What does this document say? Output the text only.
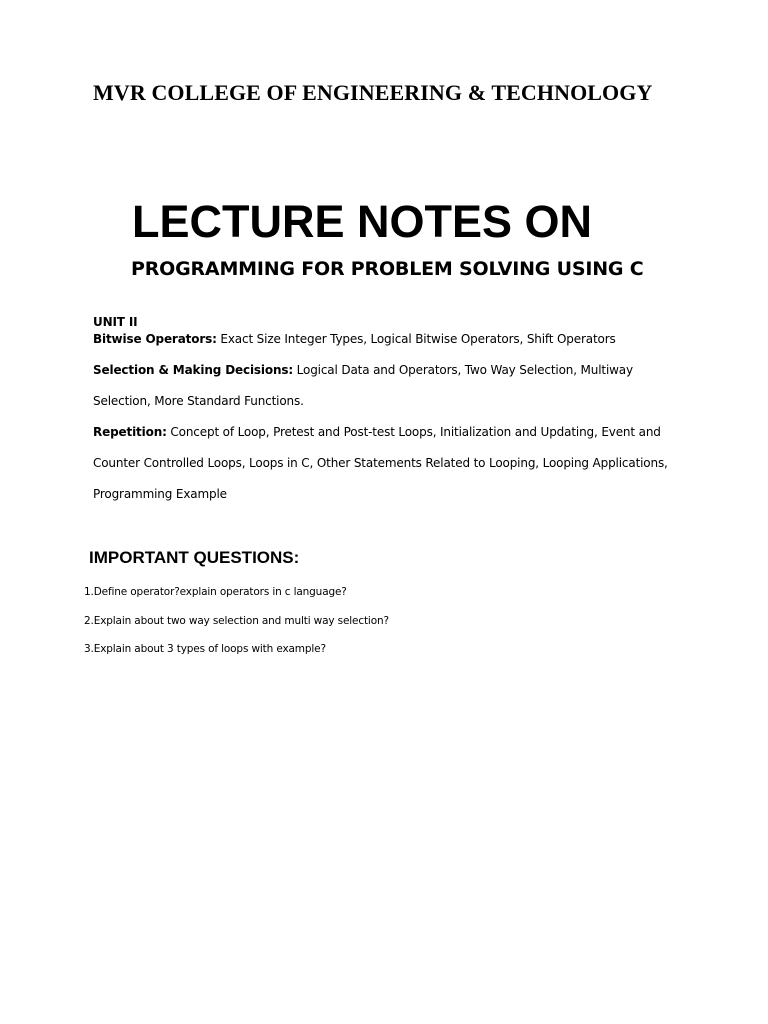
MVR COLLEGE OF ENGINEERING & TECHNOLOGY
LECTURE NOTES ON
PROGRAMMING FOR PROBLEM SOLVING USING C
UNIT II
Bitwise Operators: Exact Size Integer Types, Logical Bitwise Operators, Shift Operators
Selection & Making Decisions: Logical Data and Operators, Two Way Selection, Multiway
Selection, More Standard Functions.
Repetition: Concept of Loop, Pretest and Post-test Loops, Initialization and Updating, Event and
Counter Controlled Loops, Loops in C, Other Statements Related to Looping, Looping Applications,
Programming Example
IMPORTANT QUESTIONS:
1.Define operator?explain operators in c language?
2.Explain about two way selection and multi way selection?
3.Explain about 3 types of loops with example?
